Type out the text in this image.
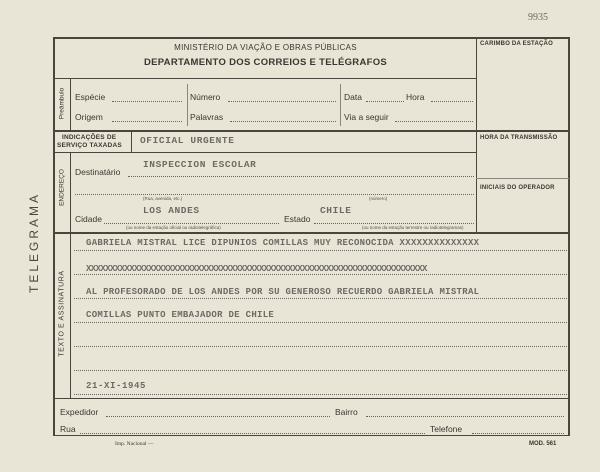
9935
TELEGRAMA
MINISTÉRIO DA VIAÇÃO E OBRAS PÚBLICAS
DEPARTAMENTO DOS CORREIOS E TELÉGRAFOS
CARIMBO DA ESTAÇÃO
Preâmbulo Espécie	Número	Data	Hora
Origem	Palavras	Via a seguir
INDICAÇÕES DE
SERVIÇO TAXADAS OFICIAL URGENTE	HORA DA TRANSMISSÃO
INICIAIS DO OPERADOR
ENDEREÇO
INSPECCION ESCOLAR
Destinatário
(Rua, avenida, etc.)	(número)
LOS ANDES	CHILE
Cidade	Estado
(ou nome da estação oficial ou radiotelegráfica)	(ou nome da estação terrestre ou radiotelegramas)
TEXTO E ASSINATURA
GABRIELA MISTRAL LICE DIPUNIOS COMILLAS MUY RECONOCIDA XXXXXXXXXXXXXX
XXXXXXXXXXXXXXXXXXXXXXXXXXXXXXXXXXXXXXXXXXXXXXXXXXXXXXXXXXXXXXXXXXXXXXX
AL PROFESORADO DE LOS ANDES POR SU GENEROSO RECUERDO GABRIELA MISTRAL
COMILLAS PUNTO EMBAJADOR DE CHILE
21-XI-1945
Expedidor	Bairro
Rua	Telefone
Imp. Nacional —	MOD. 561
